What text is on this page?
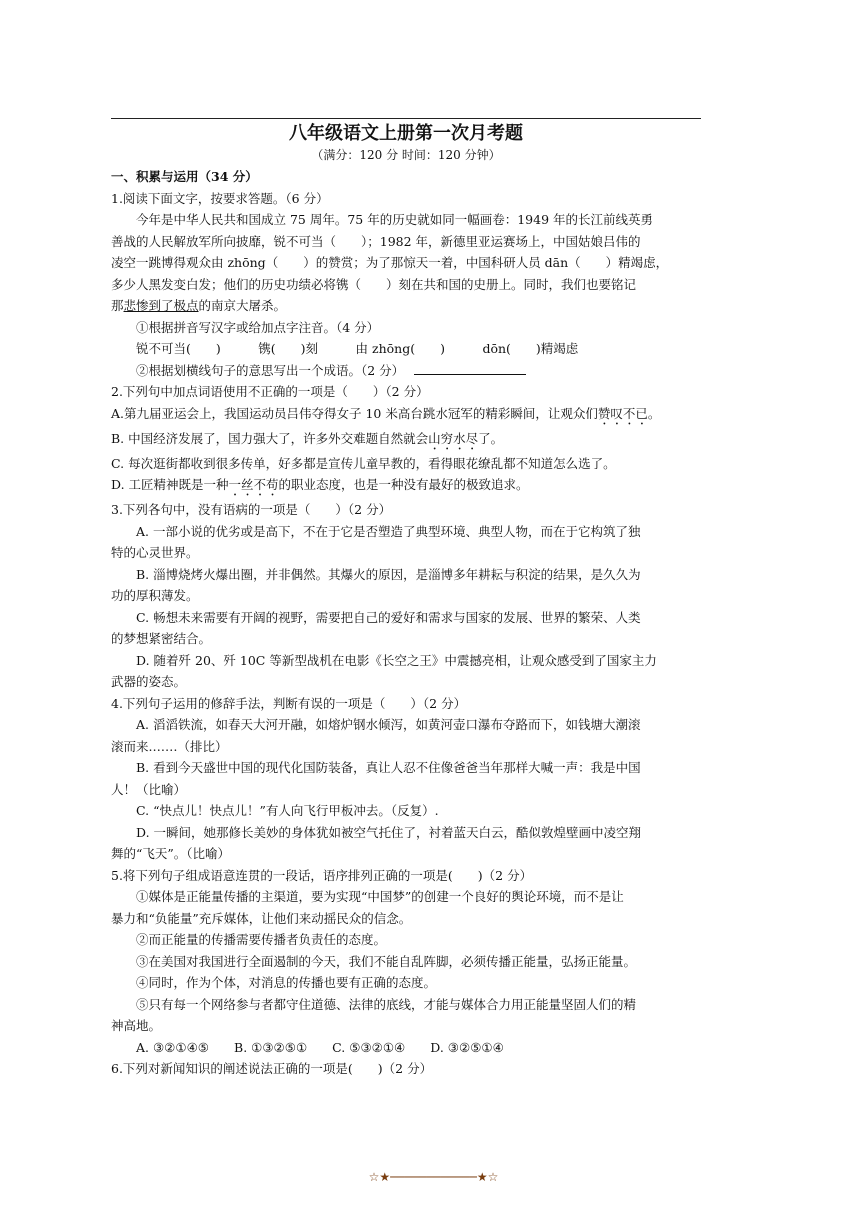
八年级语文上册第一次月考题
（满分：120 分 时间：120 分钟）
一、积累与运用（34 分）
1.阅读下面文字，按要求答题。（6 分）
今年是中华人民共和国成立 75 周年。75 年的历史就如同一幅画卷：1949 年的长江前线英勇
善战的人民解放军所向披靡，锐不可当（　　）；1982 年，新德里亚运赛场上，中国姑娘吕伟的
凌空一跳博得观众由 zhōng（　　）的赞赏；为了那惊天一着，中国科研人员 dān（　　）精竭虑，
多少人黑发变白发；他们的历史功绩必将镌（　　）刻在共和国的史册上。同时，我们也要铭记
那悲惨到了极点的南京大屠杀。
①根据拼音写汉字或给加点字注音。（4 分）
锐不可当(　　)　　　镌(　　)刻　　　由 zhōng(　　)　　　dōn(　　)精竭虑
②根据划横线句子的意思写出一个成语。（2 分）
2.下列句中加点词语使用不正确的一项是（　　）（2 分）
A.第九届亚运会上，我国运动员吕伟夺得女子 10 米高台跳水冠军的精彩瞬间，让观众们赞叹不已。
B. 中国经济发展了，国力强大了，许多外交难题自然就会山穷水尽了。
C. 每次逛街都收到很多传单，好多都是宣传儿童早教的，看得眼花缭乱都不知道怎么选了。
D. 工匠精神既是一种一丝不苟的职业态度，也是一种没有最好的极致追求。
3.下列各句中，没有语病的一项是（　　）（2 分）
A. 一部小说的优劣或是高下，不在于它是否塑造了典型环境、典型人物，而在于它构筑了独
特的心灵世界。
B. 淄博烧烤火爆出圈，并非偶然。其爆火的原因，是淄博多年耕耘与积淀的结果，是久久为
功的厚积薄发。
C. 畅想未来需要有开阔的视野，需要把自己的爱好和需求与国家的发展、世界的繁荣、人类
的梦想紧密结合。
D. 随着歼 20、歼 10C 等新型战机在电影《长空之王》中震撼亮相，让观众感受到了国家主力
武器的姿态。
4.下列句子运用的修辞手法，判断有误的一项是（　　）（2 分）
A. 滔滔铁流，如春天大河开融，如熔炉钢水倾泻，如黄河壶口瀑布夺路而下，如钱塘大潮滚
滚而来.……（排比）
B. 看到今天盛世中国的现代化国防装备，真让人忍不住像爸爸当年那样大喊一声：我是中国
人！（比喻）
C. “快点儿！快点儿！”有人向飞行甲板冲去。（反复）.
D. 一瞬间，她那修长美妙的身体犹如被空气托住了，衬着蓝天白云，酷似敦煌壁画中凌空翔
舞的“飞天”。（比喻）
5.将下列句子组成语意连贯的一段话，语序排列正确的一项是(　　)（2 分）
①媒体是正能量传播的主渠道，要为实现“中国梦”的创建一个良好的舆论环境，而不是让
暴力和“负能量”充斥媒体，让他们来动摇民众的信念。
②而正能量的传播需要传播者负责任的态度。
③在美国对我国进行全面遏制的今天，我们不能自乱阵脚，必须传播正能量，弘扬正能量。
④同时，作为个体，对消息的传播也要有正确的态度。
⑤只有每一个网络参与者都守住道德、法律的底线，才能与媒体合力用正能量坚固人们的精
神高地。
A. ③②①④⑤　　B. ①③②⑤①　　C. ⑤③②①④　　D. ③②⑤①④
6.下列对新闻知识的阐述说法正确的一项是(　　)（2 分）
☆★────────────★☆
